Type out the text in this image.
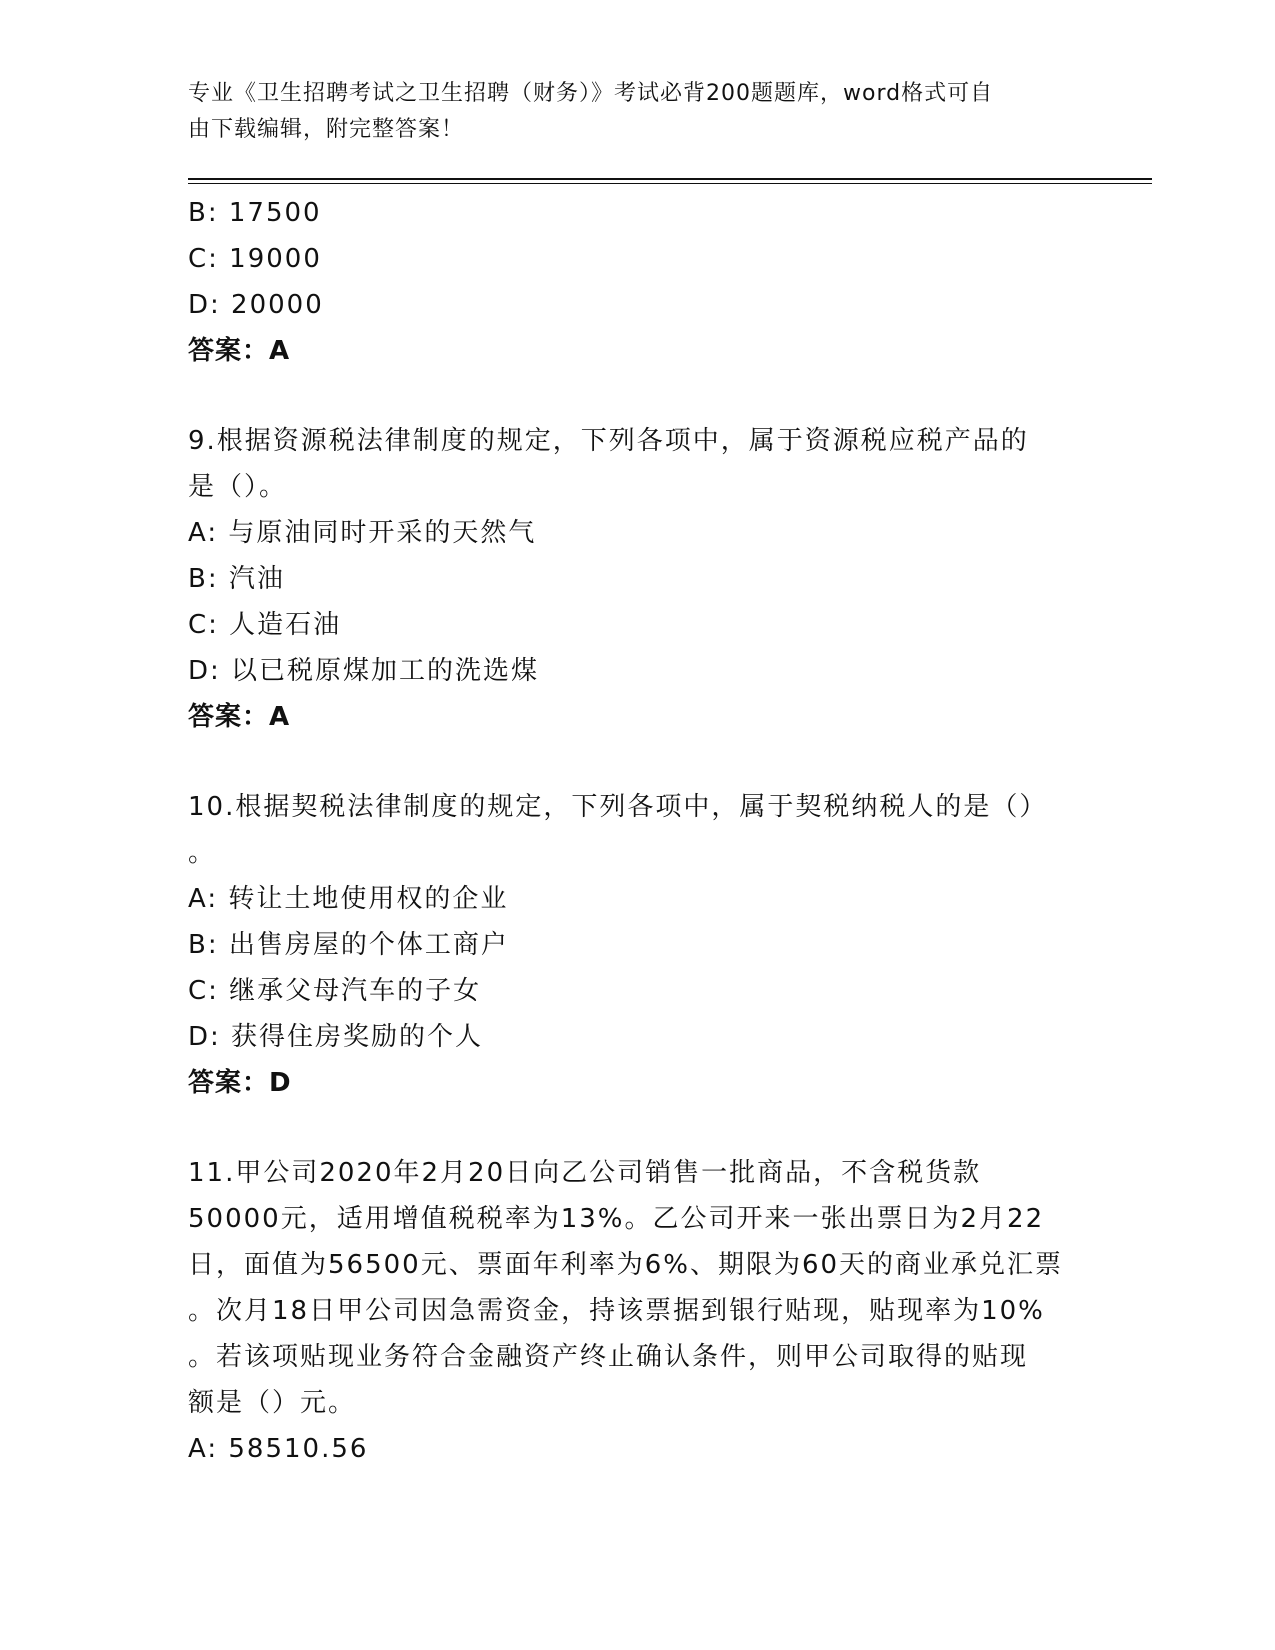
专业《卫生招聘考试之卫生招聘（财务）》考试必背200题题库，word格式可自
由下载编辑，附完整答案！
B: 17500
C: 19000
D: 20000
答案：A
9.根据资源税法律制度的规定，下列各项中，属于资源税应税产品的
是（）。
A: 与原油同时开采的天然气
B: 汽油
C: 人造石油
D: 以已税原煤加工的洗选煤
答案：A
10.根据契税法律制度的规定，下列各项中，属于契税纳税人的是（）
。
A: 转让土地使用权的企业
B: 出售房屋的个体工商户
C: 继承父母汽车的子女
D: 获得住房奖励的个人
答案：D
11.甲公司2020年2月20日向乙公司销售一批商品，不含税货款
50000元，适用增值税税率为13%。乙公司开来一张出票日为2月22
日，面值为56500元、票面年利率为6%、期限为60天的商业承兑汇票
。次月18日甲公司因急需资金，持该票据到银行贴现，贴现率为10%
。若该项贴现业务符合金融资产终止确认条件，则甲公司取得的贴现
额是（）元。
A: 58510.56
